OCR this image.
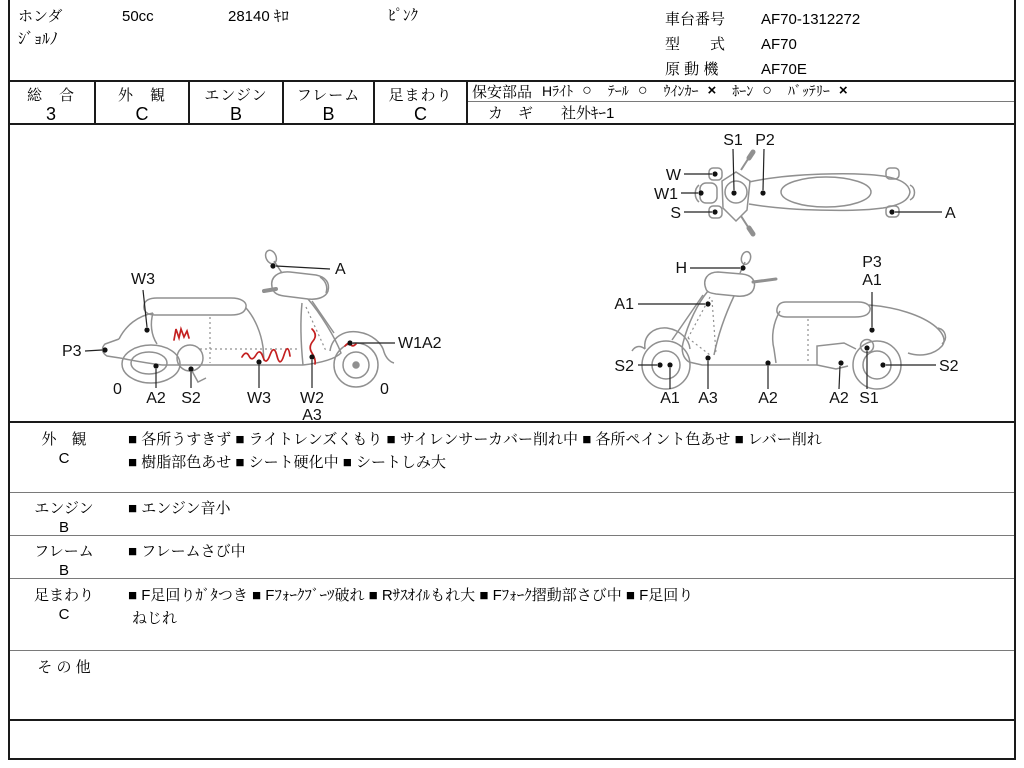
ホンダ	50cc	28140 ｷﾛ	ﾋﾟﾝｸ
ｼﾞｮﾙﾉ
車台番号 AF70-1312272
型　　式 AF70
原 動 機	AF70E
総　合
3
外　観
C
エンジン
B
フレーム
B
足まわり
C
保安部品 Hﾗｲﾄ ○ ﾃｰﾙ ○ ｳｲﾝｶｰ × ﾎｰﾝ ○ ﾊﾞｯﾃﾘｰ ×
カ　ギ 社外ｷｰ1
S1 P2
W
W1
S	A
W3
A
P3
0
A2 S2	W3 W2
A3
W1A2
0
H	P3
A1
A1
S2
A1 A3	A2	A2 S1
S2
外　観
C
■ 各所うすきず ■ ライトレンズくもり ■ サイレンサーカバー削れ中 ■ 各所ペイント色あせ ■ レバー削れ
■ 樹脂部色あせ ■ シート硬化中 ■ シートしみ大
エンジン
B
■ エンジン音小
フレーム
B
■ フレームさび中
足まわり
C
■ F足回りｶﾞﾀつき ■ Fﾌｫｰｸﾌﾞｰﾂ破れ ■ Rｻｽｵｲﾙもれ大 ■ Fﾌｫｰｸ摺動部さび中 ■ F足回り
ねじれ
そ の 他
